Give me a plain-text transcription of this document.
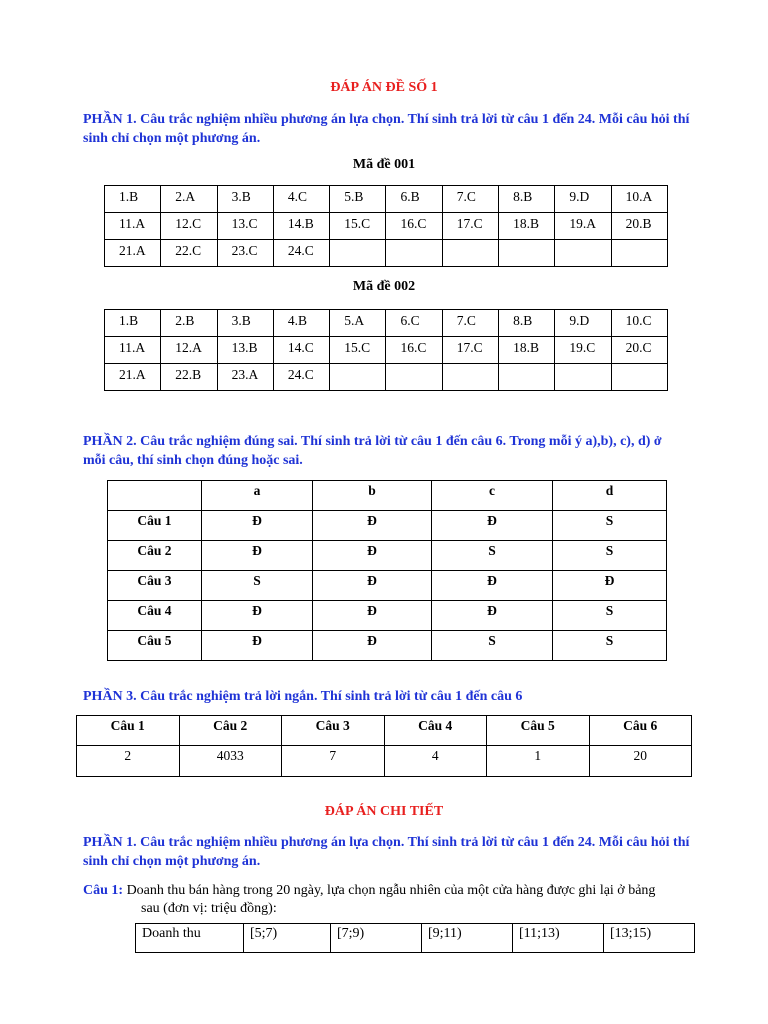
ĐÁP ÁN ĐỀ SỐ 1
PHẦN 1. Câu trắc nghiệm nhiều phương án lựa chọn. Thí sinh trả lời từ câu 1 đến 24. Mỗi câu hỏi thí sinh chỉ chọn một phương án.
Mã đề 001
1.B	2.A	3.B	4.C	5.B	6.B	7.C	8.B	9.D	10.A
11.A	12.C	13.C	14.B	15.C	16.C	17.C	18.B	19.A	20.B
21.A	22.C	23.C	24.C						
Mã đề 002
1.B	2.B	3.B	4.B	5.A	6.C	7.C	8.B	9.D	10.C
11.A	12.A	13.B	14.C	15.C	16.C	17.C	18.B	19.C	20.C
21.A	22.B	23.A	24.C						
PHẦN 2. Câu trắc nghiệm đúng sai. Thí sinh trả lời từ câu 1 đến câu 6. Trong mỗi ý a),b), c), d) ở mỗi câu, thí sinh chọn đúng hoặc sai.
	a	b	c	d
Câu 1	Đ	Đ	Đ	S
Câu 2	Đ	Đ	S	S
Câu 3	S	Đ	Đ	Đ
Câu 4	Đ	Đ	Đ	S
Câu 5	Đ	Đ	S	S
PHẦN 3. Câu trắc nghiệm trả lời ngắn. Thí sinh trả lời từ câu 1 đến câu 6
Câu 1	Câu 2	Câu 3	Câu 4	Câu 5	Câu 6
2	4033	7	4	1	20
ĐÁP ÁN CHI TIẾT
PHẦN 1. Câu trắc nghiệm nhiều phương án lựa chọn. Thí sinh trả lời từ câu 1 đến 24. Mỗi câu hỏi thí sinh chỉ chọn một phương án.
Câu 1: Doanh thu bán hàng trong 20 ngày, lựa chọn ngẫu nhiên của một cửa hàng được ghi lại ở bảng
sau (đơn vị: triệu đồng):
Doanh thu	[5;7)	[7;9)	[9;11)	[11;13)	[13;15)
